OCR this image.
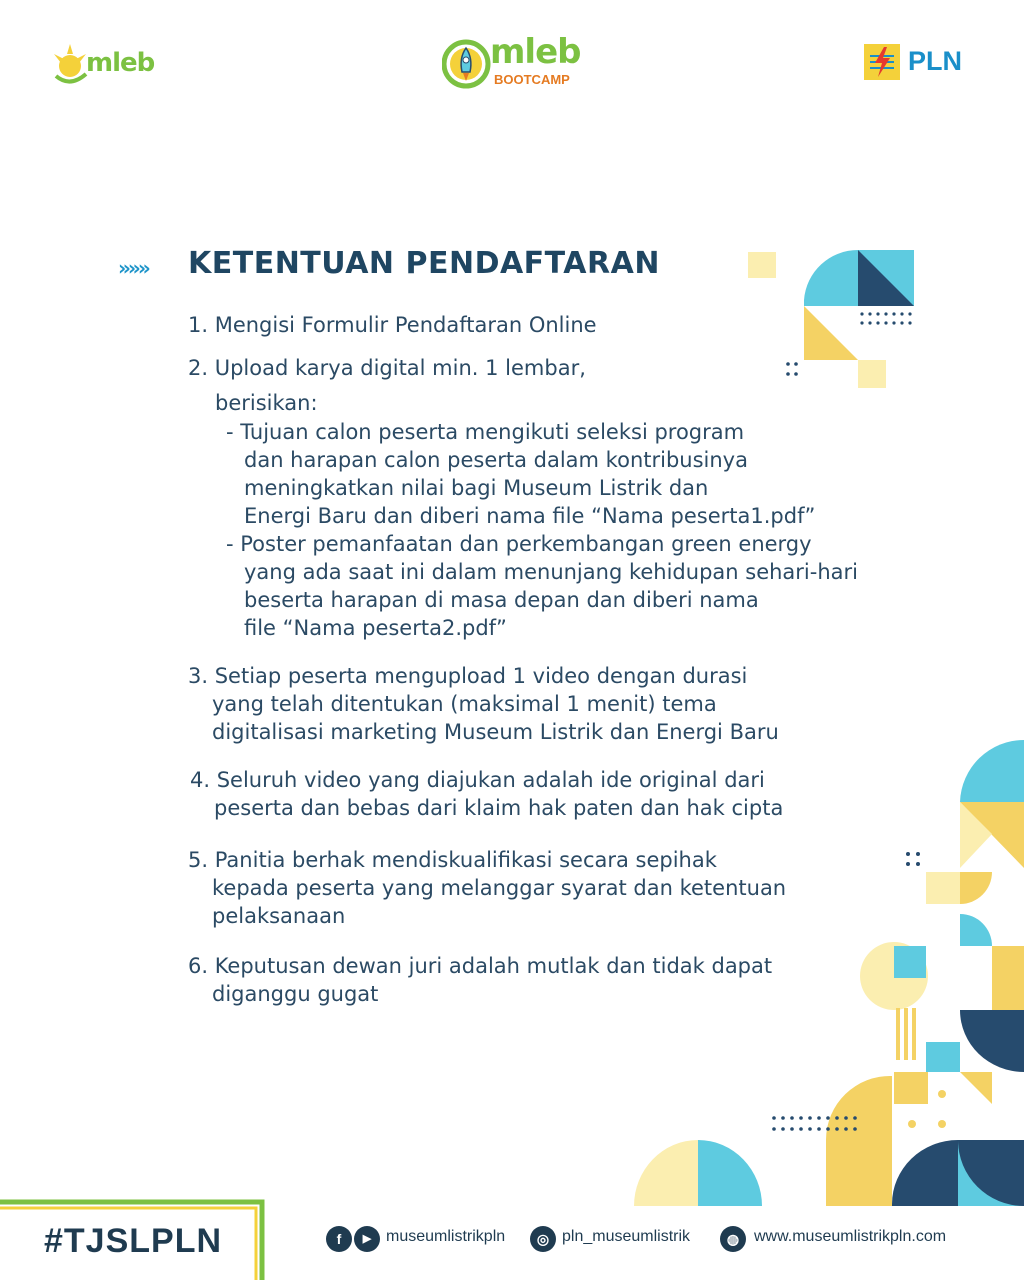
mleb	mleb
BOOTCAMP
PLN
»»» KETENTUAN PENDAFTARAN
1. Mengisi Formulir Pendaftaran Online
2. Upload karya digital min. 1 lembar,
berisikan:
- Tujuan calon peserta mengikuti seleksi program
dan harapan calon peserta dalam kontribusinya
meningkatkan nilai bagi Museum Listrik dan
Energi Baru dan diberi nama file “Nama peserta1.pdf”
- Poster pemanfaatan dan perkembangan green energy
yang ada saat ini dalam menunjang kehidupan sehari-hari
beserta harapan di masa depan dan diberi nama
file “Nama peserta2.pdf”
3. Setiap peserta mengupload 1 video dengan durasi
yang telah ditentukan (maksimal 1 menit) tema
digitalisasi marketing Museum Listrik dan Energi Baru
4. Seluruh video yang diajukan adalah ide original dari
peserta dan bebas dari klaim hak paten dan hak cipta
5. Panitia berhak mendiskualifikasi secara sepihak
kepada peserta yang melanggar syarat dan ketentuan
pelaksanaan
6. Keputusan dewan juri adalah mutlak dan tidak dapat
diganggu gugat
#TJSLPLN	f	▶ museumlistrikpln	◎ pln_museumlistrik	◍ www.museumlistrikpln.com
